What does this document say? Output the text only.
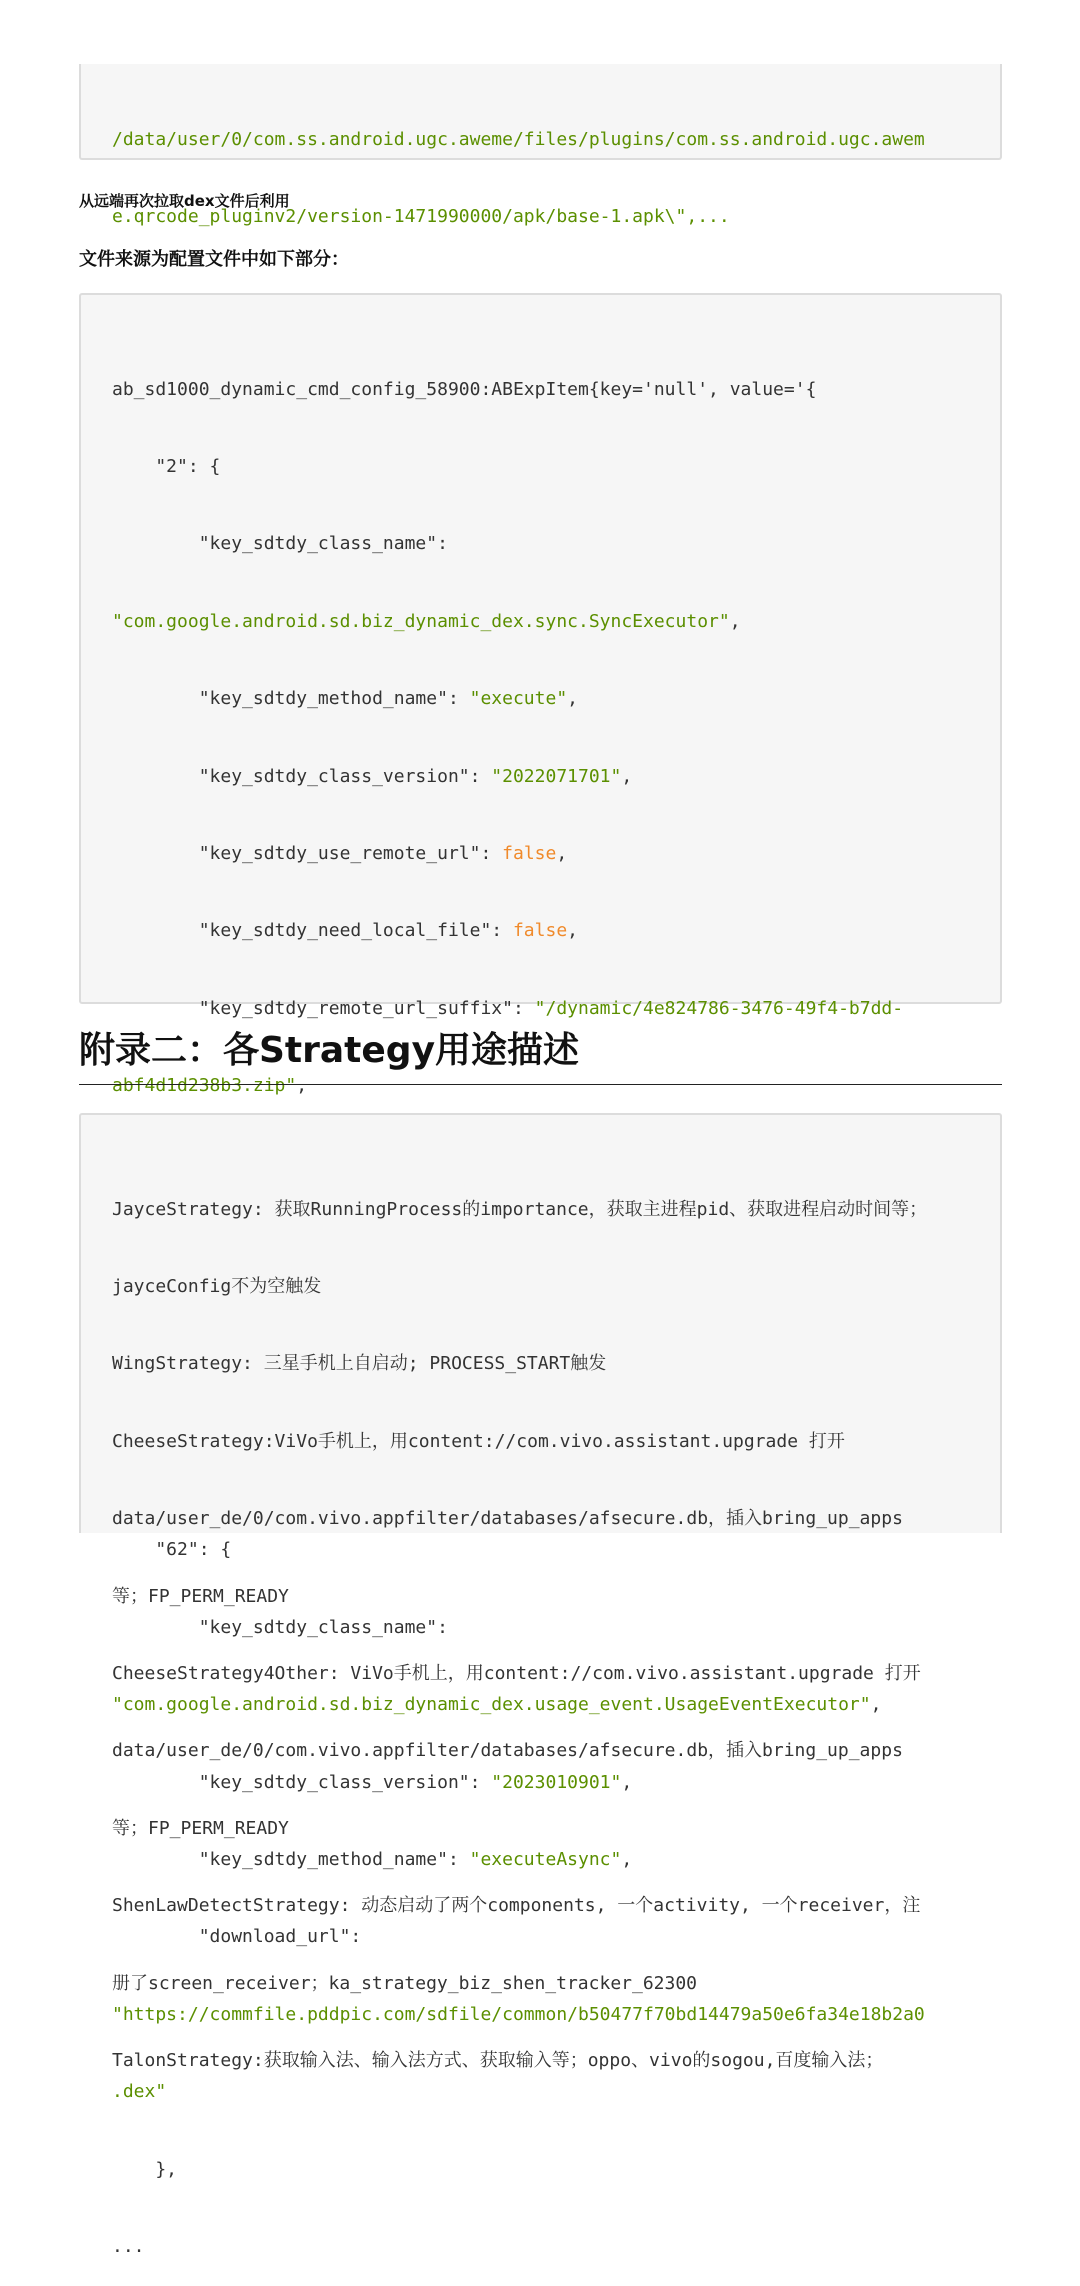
/data/user/0/com.ss.android.ugc.aweme/files/plugins/com.ss.android.ugc.awem

e.qrcode_pluginv2/version-1471990000/apk/base-1.apk\",...

从远端再次拉取dex文件后利用
文件来源为配置文件中如下部分：

ab_sd1000_dynamic_cmd_config_58900:ABExpItem{key='null', value='{

"2": {

"key_sdtdy_class_name":

"com.google.android.sd.biz_dynamic_dex.sync.SyncExecutor",

"key_sdtdy_method_name": "execute",

"key_sdtdy_class_version": "2022071701",

"key_sdtdy_use_remote_url": false,

"key_sdtdy_need_local_file": false,

"key_sdtdy_remote_url_suffix": "/dynamic/4e824786-3476-49f4-b7dd-

abf4d1d238b3.zip",

"62": {

"key_sdtdy_class_name":

"com.google.android.sd.biz_dynamic_dex.usage_event.UsageEventExecutor",

"key_sdtdy_class_version": "2023010901",

"key_sdtdy_method_name": "executeAsync",

"download_url":

"https://commfile.pddpic.com/sdfile/common/b50477f70bd14479a50e6fa34e18b2a0

.dex"

},

...

附录二：各Strategy用途描述

JayceStrategy: 获取RunningProcess的importance，获取主进程pid、获取进程启动时间等；

jayceConfig不为空触发

WingStrategy: 三星手机上自启动; PROCESS_START触发

CheeseStrategy:ViVo手机上，用content://com.vivo.assistant.upgrade 打开

data/user_de/0/com.vivo.appfilter/databases/afsecure.db，插入bring_up_apps

等；FP_PERM_READY

CheeseStrategy4Other: ViVo手机上，用content://com.vivo.assistant.upgrade 打开

data/user_de/0/com.vivo.appfilter/databases/afsecure.db，插入bring_up_apps

等；FP_PERM_READY

ShenLawDetectStrategy: 动态启动了两个components, 一个activity, 一个receiver，注

册了screen_receiver；ka_strategy_biz_shen_tracker_62300

TalonStrategy:获取输入法、输入法方式、获取输入等；oppo、vivo的sogou,百度输入法；
